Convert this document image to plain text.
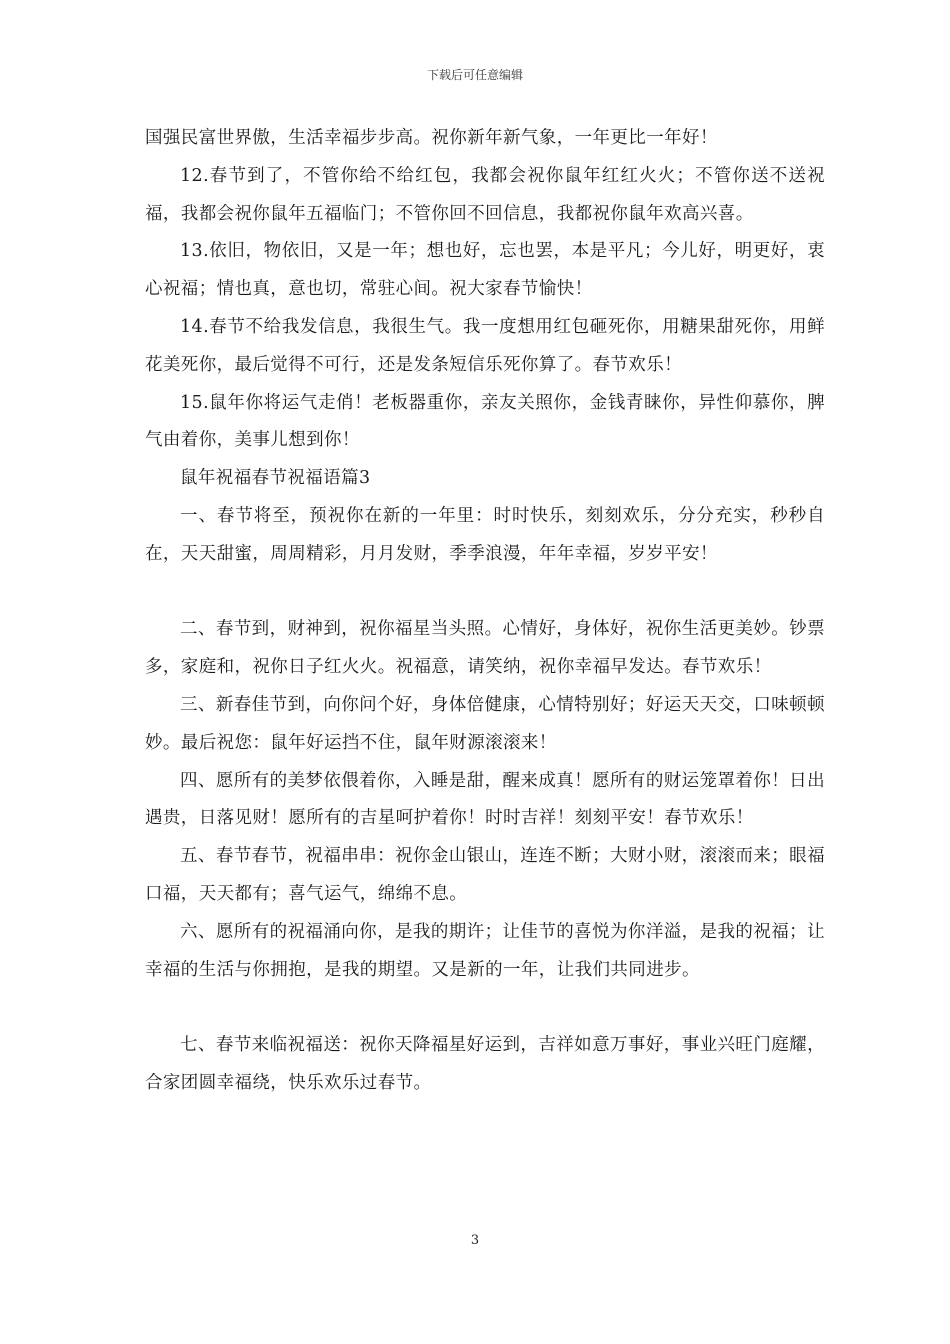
下载后可任意编辑

国强民富世界傲，生活幸福步步高。祝你新年新气象，一年更比一年好！

12.春节到了，不管你给不给红包，我都会祝你鼠年红红火火；不管你送不送祝福，我都会祝你鼠年五福临门；不管你回不回信息，我都祝你鼠年欢高兴喜。

13.依旧，物依旧，又是一年；想也好，忘也罢，本是平凡；今儿好，明更好，衷心祝福；情也真，意也切，常驻心间。祝大家春节愉快！

14.春节不给我发信息，我很生气。我一度想用红包砸死你，用糖果甜死你，用鲜花美死你，最后觉得不可行，还是发条短信乐死你算了。春节欢乐！

15.鼠年你将运气走俏！老板器重你，亲友关照你，金钱青睐你，异性仰慕你，脾气由着你，美事儿想到你！

鼠年祝福春节祝福语篇3

一、春节将至，预祝你在新的一年里：时时快乐，刻刻欢乐，分分充实，秒秒自在，天天甜蜜，周周精彩，月月发财，季季浪漫，年年幸福，岁岁平安！

二、春节到，财神到，祝你福星当头照。心情好，身体好，祝你生活更美妙。钞票多，家庭和，祝你日子红火火。祝福意，请笑纳，祝你幸福早发达。春节欢乐！

三、新春佳节到，向你问个好，身体倍健康，心情特别好；好运天天交，口味顿顿妙。最后祝您：鼠年好运挡不住，鼠年财源滚滚来！

四、愿所有的美梦依偎着你，入睡是甜，醒来成真！愿所有的财运笼罩着你！日出遇贵，日落见财！愿所有的吉星呵护着你！时时吉祥！刻刻平安！春节欢乐！

五、春节春节，祝福串串：祝你金山银山，连连不断；大财小财，滚滚而来；眼福口福，天天都有；喜气运气，绵绵不息。

六、愿所有的祝福涌向你，是我的期许；让佳节的喜悦为你洋溢，是我的祝福；让幸福的生活与你拥抱，是我的期望。又是新的一年，让我们共同进步。

七、春节来临祝福送：祝你天降福星好运到，吉祥如意万事好，事业兴旺门庭耀，合家团圆幸福绕，快乐欢乐过春节。

3
